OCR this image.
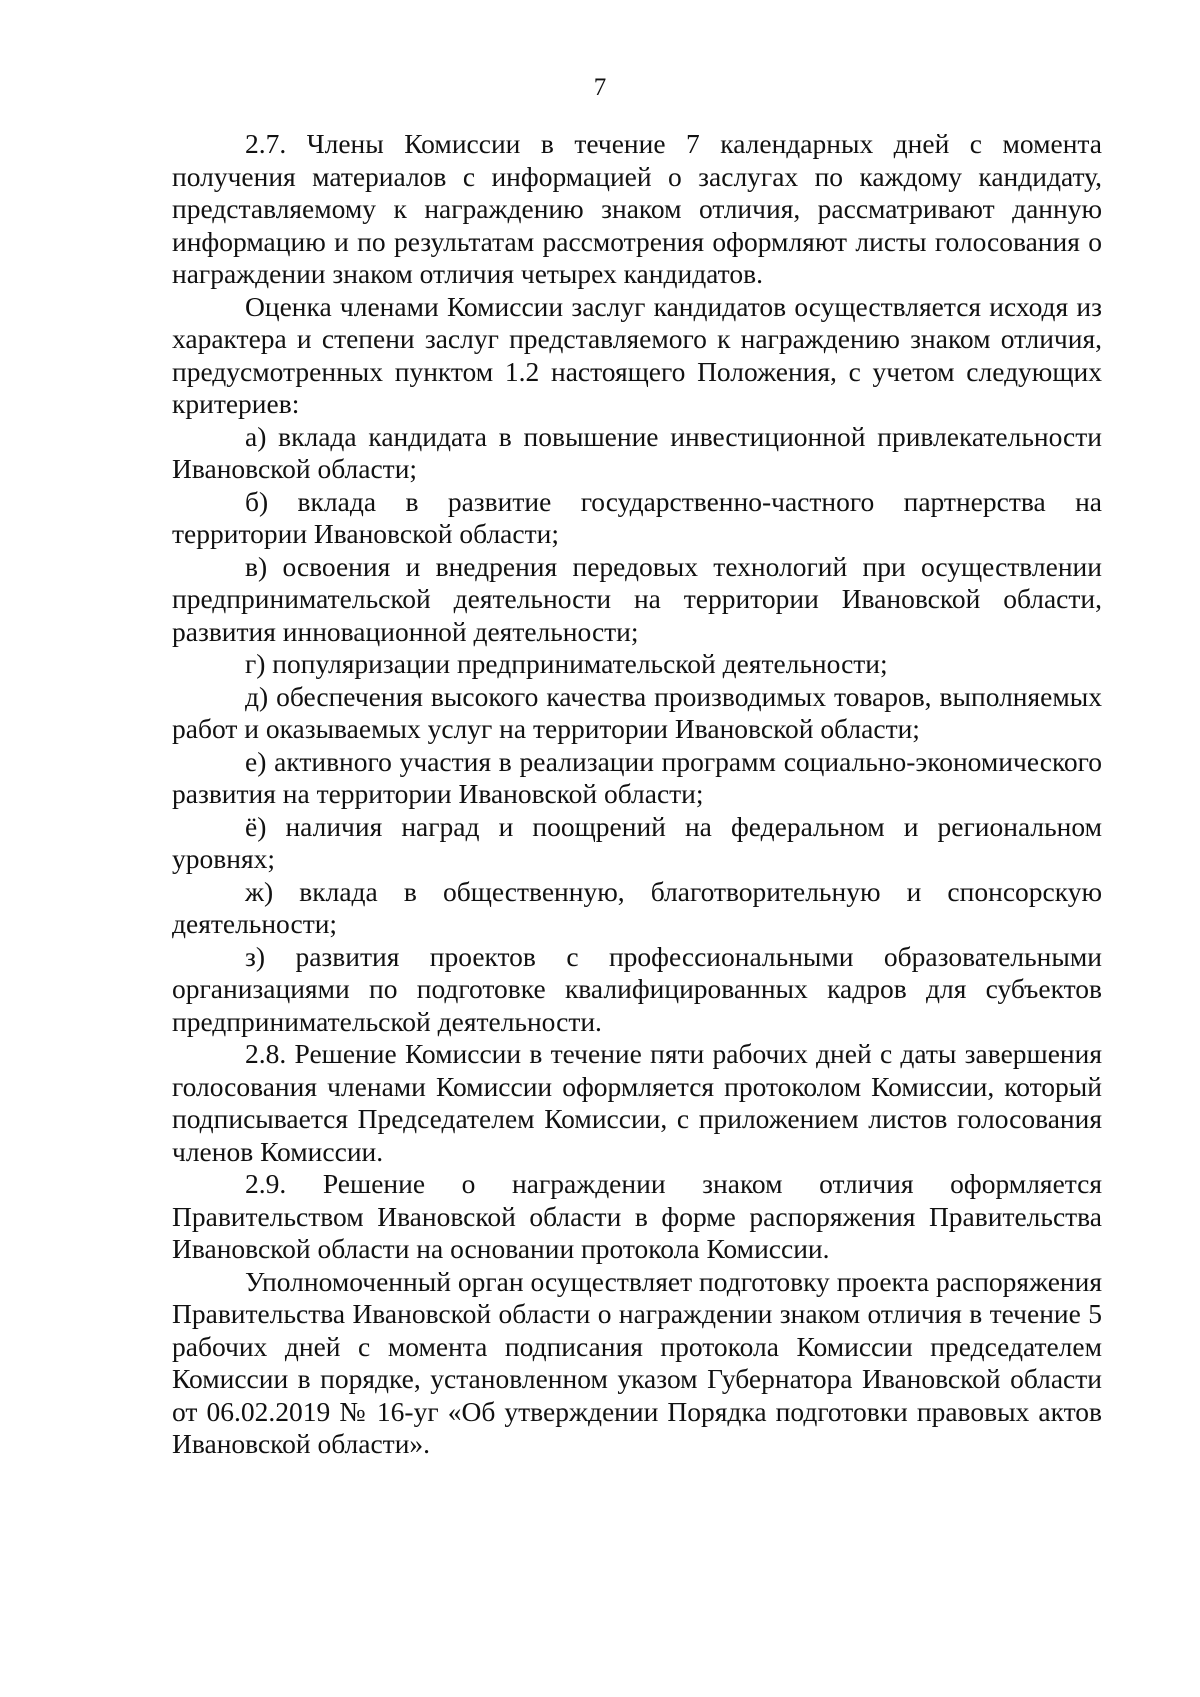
7

2.7. Члены Комиссии в течение 7 календарных дней с момента получения материалов с информацией о заслугах по каждому кандидату, представляемому к награждению знаком отличия, рассматривают данную информацию и по результатам рассмотрения оформляют листы голосования о награждении знаком отличия четырех кандидатов.

Оценка членами Комиссии заслуг кандидатов осуществляется исходя из характера и степени заслуг представляемого к награждению знаком отличия, предусмотренных пунктом 1.2 настоящего Положения, с учетом следующих критериев:

а) вклада кандидата в повышение инвестиционной привлекательности Ивановской области;

б) вклада в развитие государственно-частного партнерства на территории Ивановской области;

в) освоения и внедрения передовых технологий при осуществлении предпринимательской деятельности на территории Ивановской области, развития инновационной деятельности;

г) популяризации предпринимательской деятельности;

д) обеспечения высокого качества производимых товаров, выполняемых работ и оказываемых услуг на территории Ивановской области;

е) активного участия в реализации программ социально-экономического развития на территории Ивановской области;

ё) наличия наград и поощрений на федеральном и региональном уровнях;

ж) вклада в общественную, благотворительную и спонсорскую деятельности;

з) развития проектов с профессиональными образовательными организациями по подготовке квалифицированных кадров для субъектов предпринимательской деятельности.

2.8. Решение Комиссии в течение пяти рабочих дней с даты завершения голосования членами Комиссии оформляется протоколом Комиссии, который подписывается Председателем Комиссии, с приложением листов голосования членов Комиссии.

2.9. Решение о награждении знаком отличия оформляется Правительством Ивановской области в форме распоряжения Правительства Ивановской области на основании протокола Комиссии.

Уполномоченный орган осуществляет подготовку проекта распоряжения Правительства Ивановской области о награждении знаком отличия в течение 5 рабочих дней с момента подписания протокола Комиссии председателем Комиссии в порядке, установленном указом Губернатора Ивановской области от 06.02.2019 № 16-уг «Об утверждении Порядка подготовки правовых актов Ивановской области».
